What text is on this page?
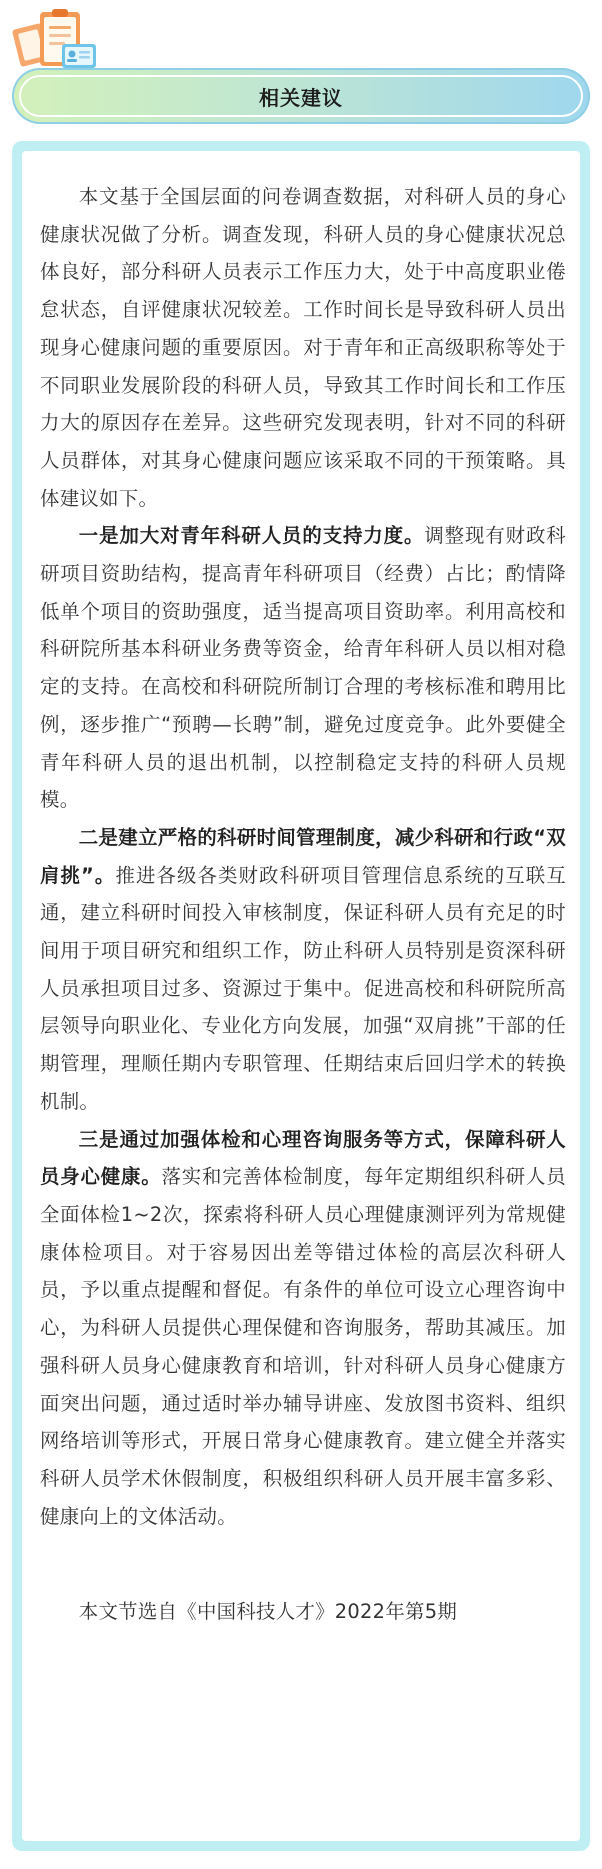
相关建议

本文基于全国层面的问卷调查数据，对科研人员的身心健康状况做了分析。调查发现，科研人员的身心健康状况总体良好，部分科研人员表示工作压力大，处于中高度职业倦怠状态，自评健康状况较差。工作时间长是导致科研人员出现身心健康问题的重要原因。对于青年和正高级职称等处于不同职业发展阶段的科研人员，导致其工作时间长和工作压力大的原因存在差异。这些研究发现表明，针对不同的科研人员群体，对其身心健康问题应该采取不同的干预策略。具体建议如下。

一是加大对青年科研人员的支持力度。调整现有财政科研项目资助结构，提高青年科研项目（经费）占比；酌情降低单个项目的资助强度，适当提高项目资助率。利用高校和科研院所基本科研业务费等资金，给青年科研人员以相对稳定的支持。在高校和科研院所制订合理的考核标准和聘用比例，逐步推广“预聘—长聘”制，避免过度竞争。此外要健全青年科研人员的退出机制，以控制稳定支持的科研人员规模。

二是建立严格的科研时间管理制度，减少科研和行政“双肩挑”。推进各级各类财政科研项目管理信息系统的互联互通，建立科研时间投入审核制度，保证科研人员有充足的时间用于项目研究和组织工作，防止科研人员特别是资深科研人员承担项目过多、资源过于集中。促进高校和科研院所高层领导向职业化、专业化方向发展，加强“双肩挑”干部的任期管理，理顺任期内专职管理、任期结束后回归学术的转换机制。

三是通过加强体检和心理咨询服务等方式，保障科研人员身心健康。落实和完善体检制度，每年定期组织科研人员全面体检1~2次，探索将科研人员心理健康测评列为常规健康体检项目。对于容易因出差等错过体检的高层次科研人员，予以重点提醒和督促。有条件的单位可设立心理咨询中心，为科研人员提供心理保健和咨询服务，帮助其减压。加强科研人员身心健康教育和培训，针对科研人员身心健康方面突出问题，通过适时举办辅导讲座、发放图书资料、组织网络培训等形式，开展日常身心健康教育。建立健全并落实科研人员学术休假制度，积极组织科研人员开展丰富多彩、健康向上的文体活动。

本文节选自《中国科技人才》2022年第5期
